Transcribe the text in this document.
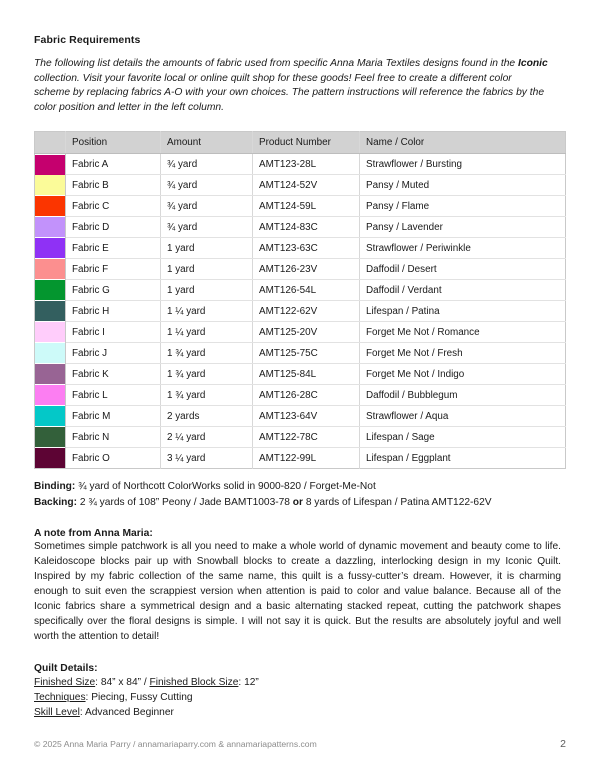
Fabric Requirements

The following list details the amounts of fabric used from specific Anna Maria Textiles designs found in the Iconic collection. Visit your favorite local or online quilt shop for these goods! Feel free to create a different color scheme by replacing fabrics A-O with your own choices. The pattern instructions will reference the fabrics by the color position and letter in the left column.

	Position	Amount	Product Number	Name / Color

	Fabric A	¾ yard	AMT123-28L	Strawflower / Bursting

	Fabric B	¾ yard	AMT124-52V	Pansy / Muted

	Fabric C	¾ yard	AMT124-59L	Pansy / Flame

	Fabric D	¾ yard	AMT124-83C	Pansy / Lavender

	Fabric E	1 yard	AMT123-63C	Strawflower / Periwinkle

	Fabric F	1 yard	AMT126-23V	Daffodil / Desert

	Fabric G	1 yard	AMT126-54L	Daffodil / Verdant

	Fabric H	1 ¼ yard	AMT122-62V	Lifespan / Patina

	Fabric I	1 ¼ yard	AMT125-20V	Forget Me Not / Romance

	Fabric J	1 ¾ yard	AMT125-75C	Forget Me Not / Fresh

	Fabric K	1 ¾ yard	AMT125-84L	Forget Me Not / Indigo

	Fabric L	1 ¾ yard	AMT126-28C	Daffodil / Bubblegum

	Fabric M	2 yards	AMT123-64V	Strawflower / Aqua

	Fabric N	2 ¼ yard	AMT122-78C	Lifespan / Sage

	Fabric O	3 ¼ yard	AMT122-99L	Lifespan / Eggplant
Binding: ¾ yard of Northcott ColorWorks solid in 9000-820 / Forget-Me-Not
Backing: 2 ¾ yards of 108” Peony / Jade BAMT1003-78 or 8 yards of Lifespan / Patina AMT122-62V
A note from Anna Maria:

Sometimes simple patchwork is all you need to make a whole world of dynamic movement and beauty come to life. Kaleidoscope blocks pair up with Snowball blocks to create a dazzling, interlocking design in my Iconic Quilt. Inspired by my fabric collection of the same name, this quilt is a fussy-cutter’s dream. However, it is charming enough to suit even the scrappiest version when attention is paid to color and value balance. Because all of the Iconic fabrics share a symmetrical design and a basic alternating stacked repeat, cutting the patchwork shapes specifically over the floral designs is simple. I will not say it is quick. But the results are absolutely joyful and well worth the attention to detail!

Quilt Details:
Finished Size: 84” x 84” / Finished Block Size: 12”
Techniques: Piecing, Fussy Cutting
Skill Level: Advanced Beginner
© 2025 Anna Maria Parry / annamariaparry.com & annamariapatterns.com	2
